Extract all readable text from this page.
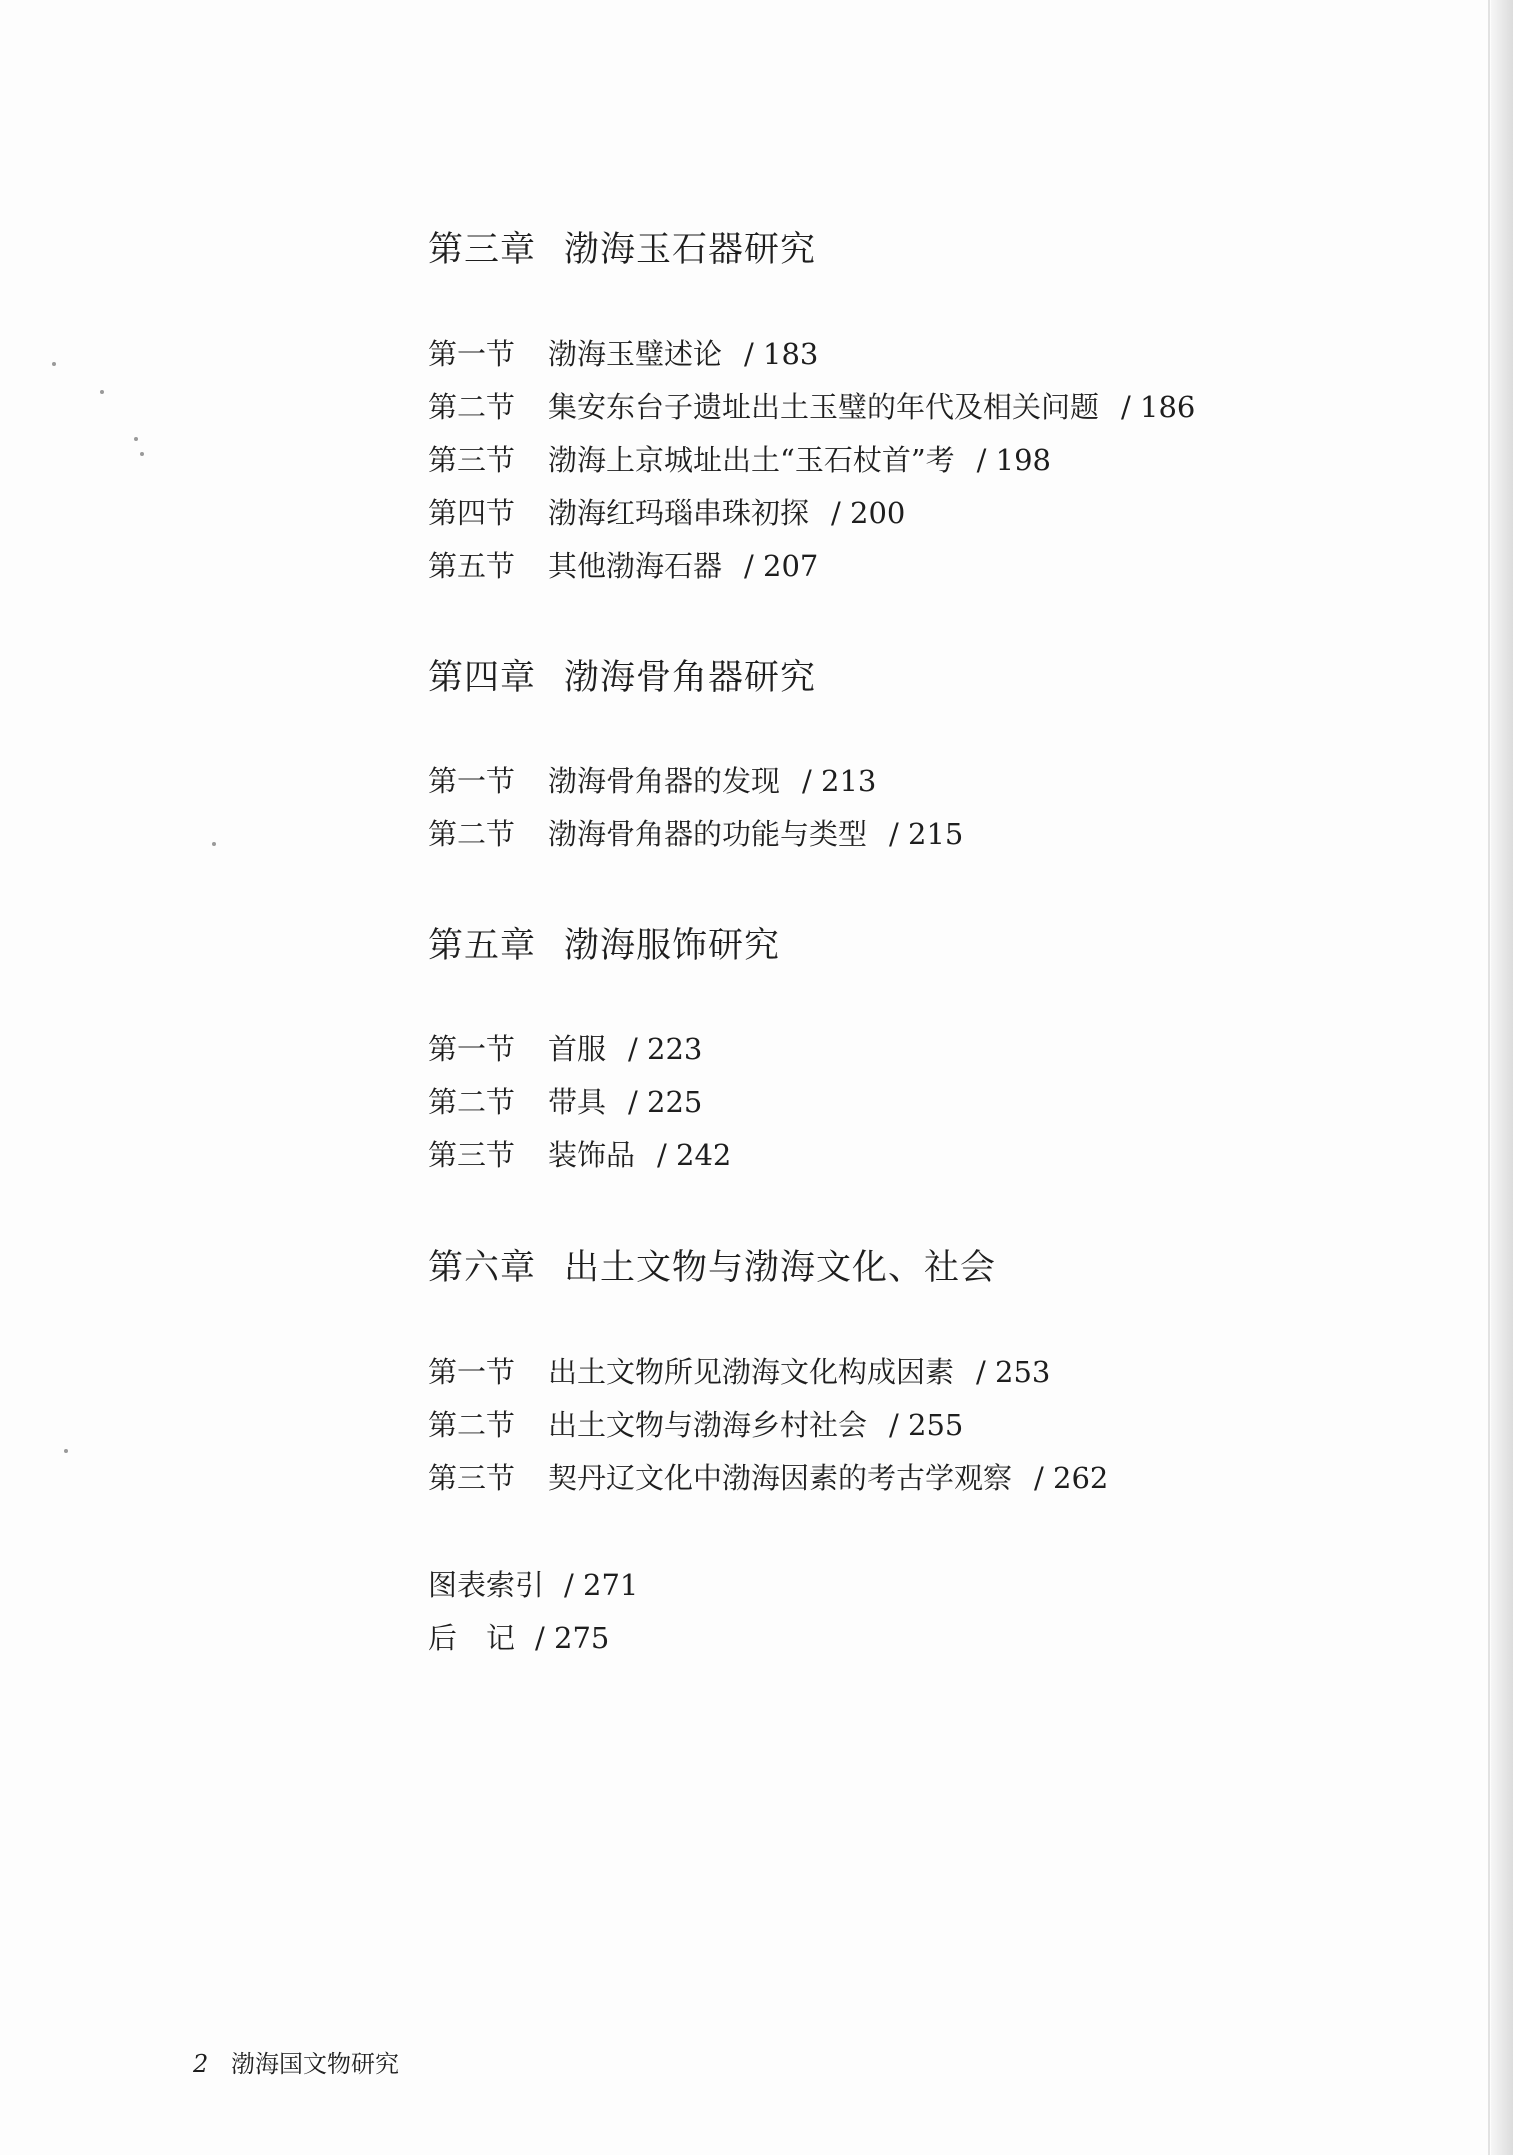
第三章 渤海玉石器研究
第一节 渤海玉璧述论 / 183
第二节 集安东台子遗址出土玉璧的年代及相关问题 / 186
第三节 渤海上京城址出土“玉石杖首”考 / 198
第四节 渤海红玛瑙串珠初探 / 200
第五节 其他渤海石器 / 207
第四章 渤海骨角器研究
第一节 渤海骨角器的发现 / 213
第二节 渤海骨角器的功能与类型 / 215
第五章 渤海服饰研究
第一节 首服 / 223
第二节 带具 / 225
第三节 装饰品 / 242
第六章 出土文物与渤海文化、社会
第一节 出土文物所见渤海文化构成因素 / 253
第二节 出土文物与渤海乡村社会 / 255
第三节 契丹辽文化中渤海因素的考古学观察 / 262
图表索引 / 271
后　记 / 275
2 渤海国文物研究
